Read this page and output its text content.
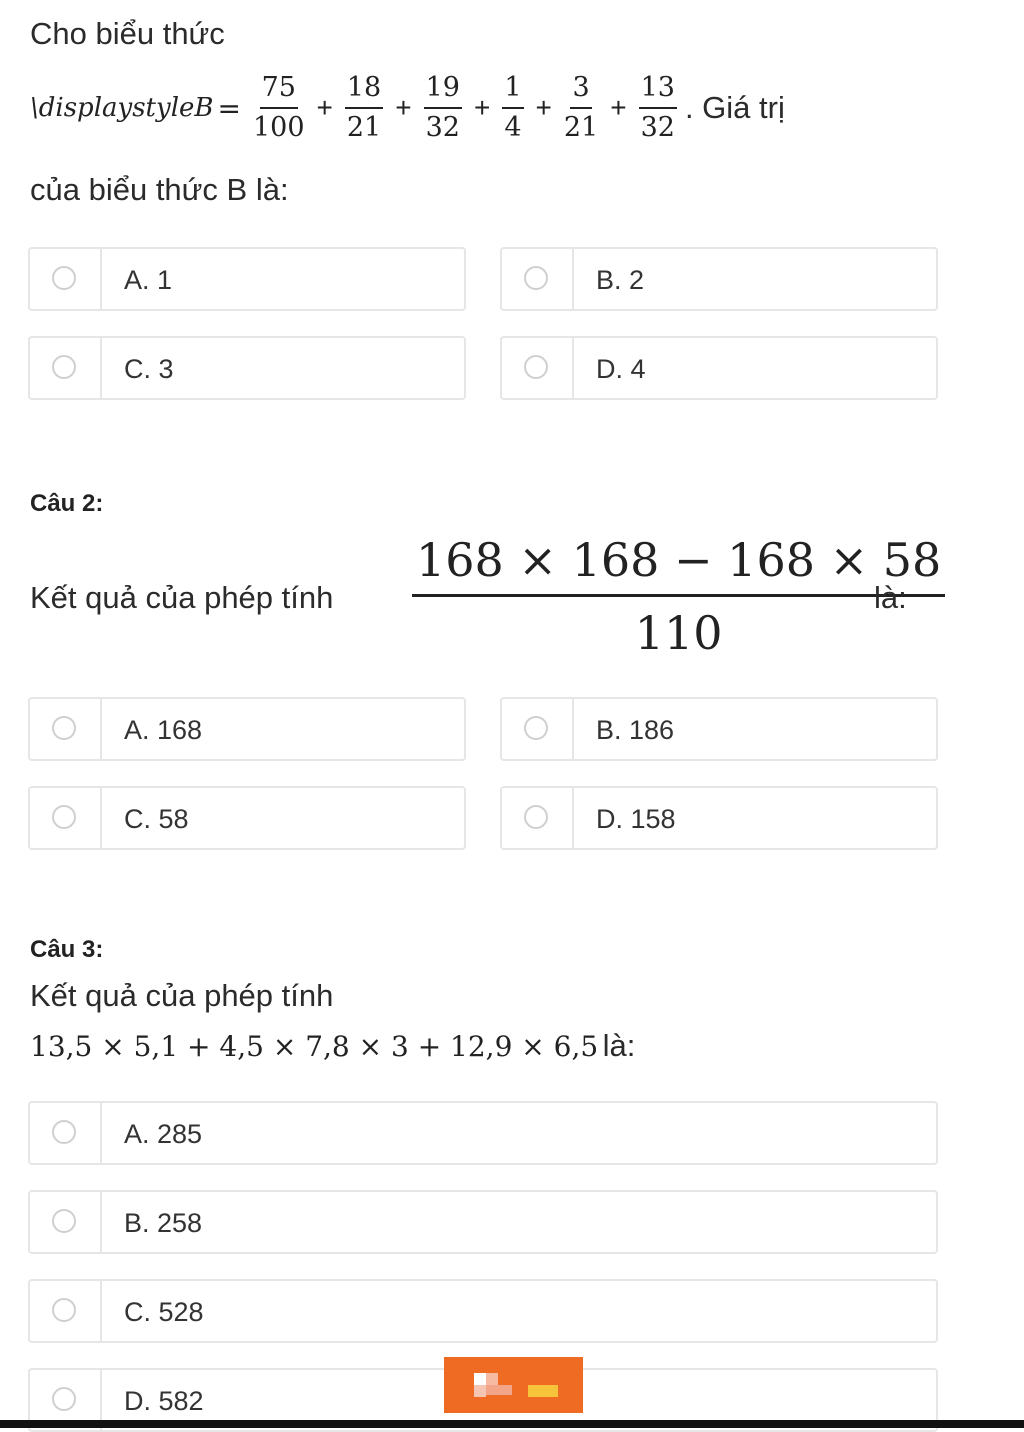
Cho biểu thức
\displaystyleB = $\frac{75}{100} + \frac{18}{21} + \frac{19}{32} + \frac{1}{4} + \frac{3}{21} + \frac{13}{32}$ . Giá trị
của biểu thức B là:
A. 1	B. 2
C. 3	D. 4
Câu 2:
Kết quả của phép tính $\frac{168 \times 168 - 168 \times 58}{110}$
là:
A. 168	B. 186
C. 58	D. 158
Câu 3:
Kết quả của phép tính
13,5 × 5,1 + 4,5 × 7,8 × 3 + 12,9 × 6,5 là:
A. 285
B. 258
C. 528
D. 582
